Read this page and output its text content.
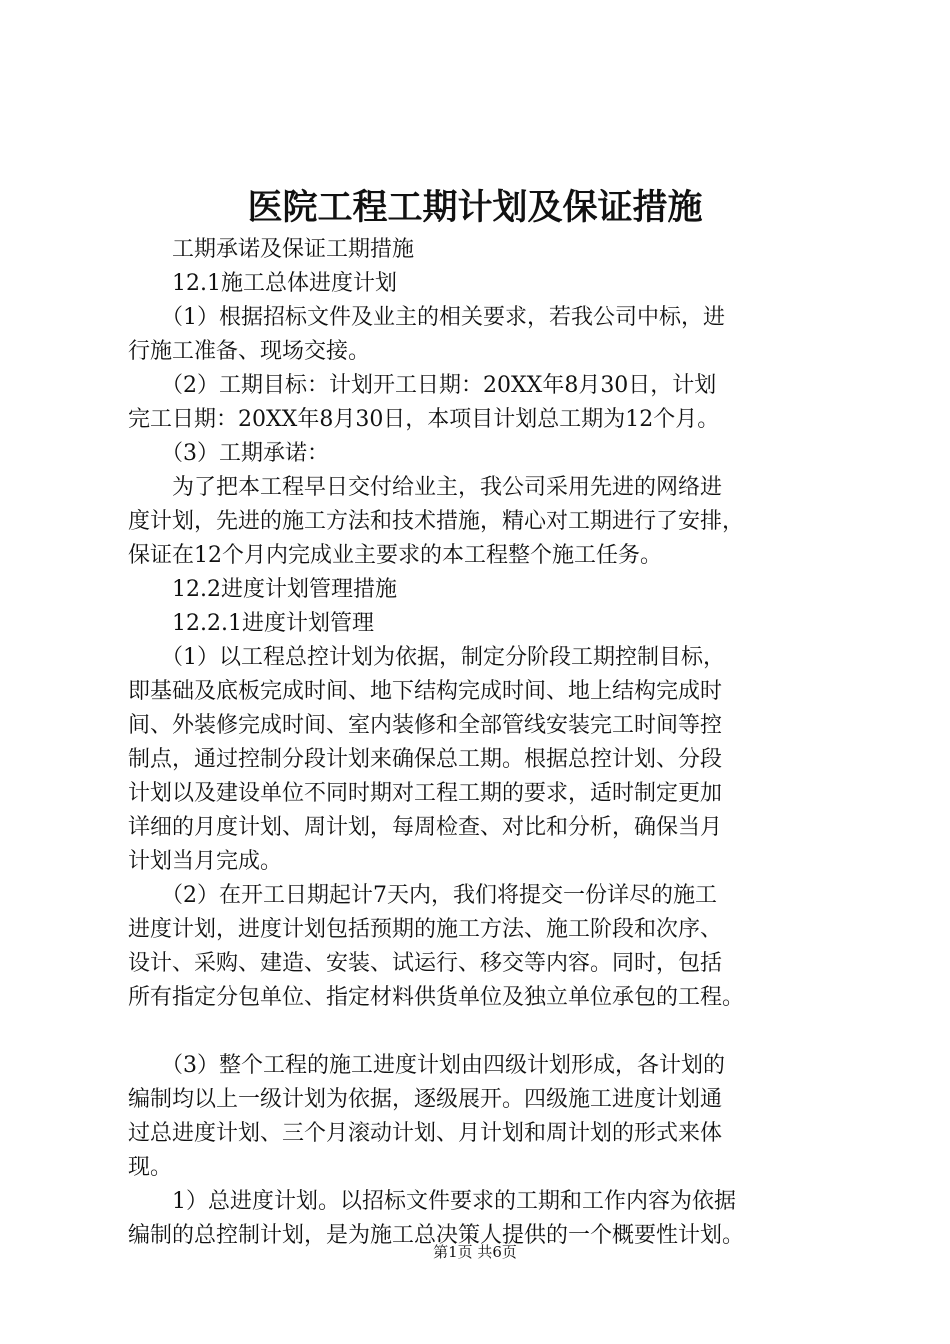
医院工程工期计划及保证措施
　　工期承诺及保证工期措施
　　12.1施工总体进度计划
　　（1）根据招标文件及业主的相关要求，若我公司中标，进
行施工准备、现场交接。
　　（2）工期目标：计划开工日期：20XX年8月30日，计划
完工日期：20XX年8月30日，本项目计划总工期为12个月。
　　（3）工期承诺：
　　为了把本工程早日交付给业主，我公司采用先进的网络进
度计划，先进的施工方法和技术措施，精心对工期进行了安排，
保证在12个月内完成业主要求的本工程整个施工任务。
　　12.2进度计划管理措施
　　12.2.1进度计划管理
　　（1）以工程总控计划为依据，制定分阶段工期控制目标，
即基础及底板完成时间、地下结构完成时间、地上结构完成时
间、外装修完成时间、室内装修和全部管线安装完工时间等控
制点，通过控制分段计划来确保总工期。根据总控计划、分段
计划以及建设单位不同时期对工程工期的要求，适时制定更加
详细的月度计划、周计划，每周检查、对比和分析，确保当月
计划当月完成。
　　（2）在开工日期起计7天内，我们将提交一份详尽的施工
进度计划，进度计划包括预期的施工方法、施工阶段和次序、
设计、采购、建造、安装、试运行、移交等内容。同时，包括
所有指定分包单位、指定材料供货单位及独立单位承包的工程。
　　（3）整个工程的施工进度计划由四级计划形成，各计划的
编制均以上一级计划为依据，逐级展开。四级施工进度计划通
过总进度计划、三个月滚动计划、月计划和周计划的形式来体
现。
　　1）总进度计划。以招标文件要求的工期和工作内容为依据
编制的总控制计划，是为施工总决策人提供的一个概要性计划。
第1页 共6页
